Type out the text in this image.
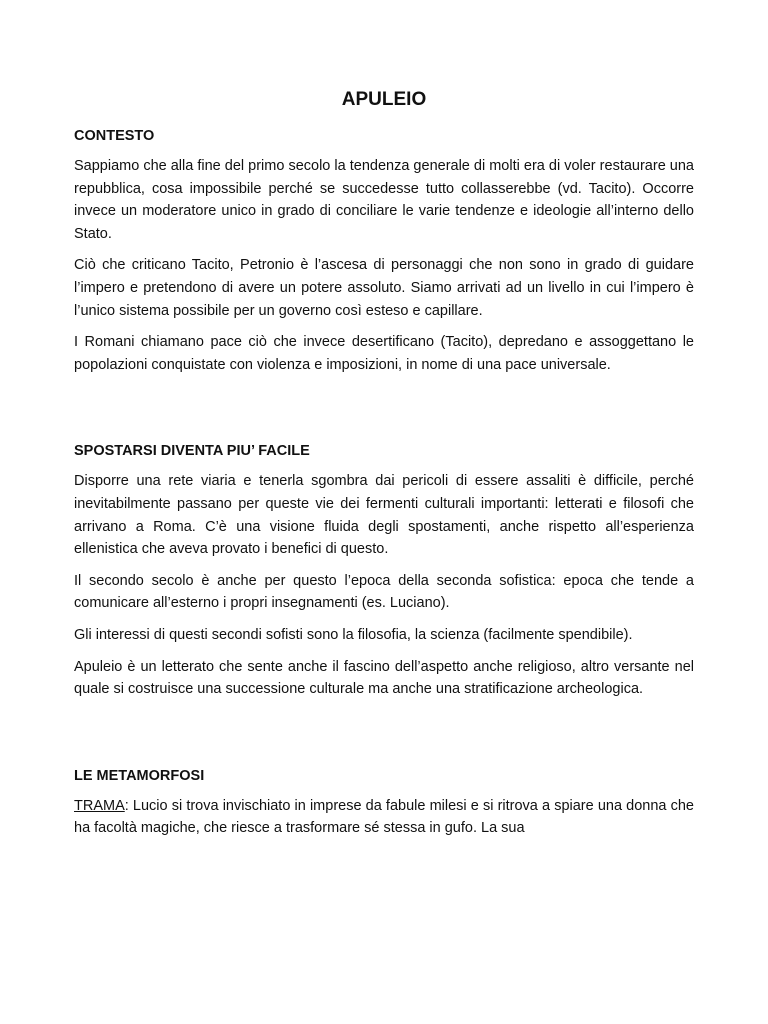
APULEIO
CONTESTO

Sappiamo che alla fine del primo secolo la tendenza generale di molti era di voler restaurare una repubblica, cosa impossibile perché se succedesse tutto collasserebbe (vd. Tacito). Occorre invece un moderatore unico in grado di conciliare le varie tendenze e ideologie all’interno dello Stato.

Ciò che criticano Tacito, Petronio è l’ascesa di personaggi che non sono in grado di guidare l’impero e pretendono di avere un potere assoluto. Siamo arrivati ad un livello in cui l’impero è l’unico sistema possibile per un governo così esteso e capillare.

I Romani chiamano pace ciò che invece desertificano (Tacito), depredano e assoggettano le popolazioni conquistate con violenza e imposizioni, in nome di una pace universale.

SPOSTARSI DIVENTA PIU’ FACILE

Disporre una rete viaria e tenerla sgombra dai pericoli di essere assaliti è difficile, perché inevitabilmente passano per queste vie dei fermenti culturali importanti: letterati e filosofi che arrivano a Roma. C’è una visione fluida degli spostamenti, anche rispetto all’esperienza ellenistica che aveva provato i benefici di questo.

Il secondo secolo è anche per questo l’epoca della seconda sofistica: epoca che tende a comunicare all’esterno i propri insegnamenti (es. Luciano).

Gli interessi di questi secondi sofisti sono la filosofia, la scienza (facilmente spendibile).

Apuleio è un letterato che sente anche il fascino dell’aspetto anche religioso, altro versante nel quale si costruisce una successione culturale ma anche una stratificazione archeologica.

LE METAMORFOSI

TRAMA: Lucio si trova invischiato in imprese da fabule milesi e si ritrova a spiare una donna che ha facoltà magiche, che riesce a trasformare sé stessa in gufo. La sua
